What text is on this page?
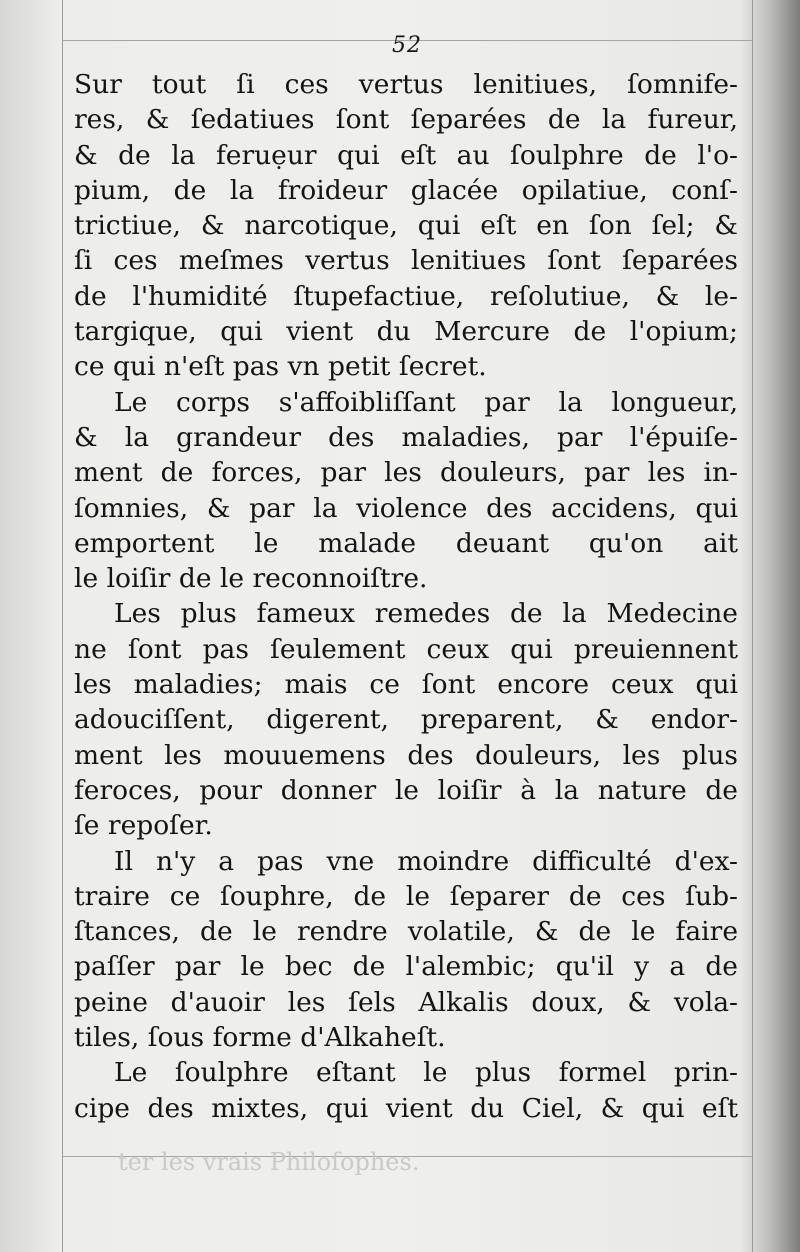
52
ter les vrais Philoſophes.
Sur tout ſi ces vertus lenitiues, ſomnife-
res, & ſedatiues ſont ſeparées de la fureur,
& de la feruẹur qui eſt au ſoulphre de l'o-
pium, de la froideur glacée opilatiue, conſ-
trictiue, & narcotique, qui eſt en ſon ſel; &
ſi ces meſmes vertus lenitiues ſont ſeparées
de l'humidité ſtupefactiue, reſolutiue, & le-
targique, qui vient du Mercure de l'opium;
ce qui n'eſt pas vn petit ſecret.
Le corps s'affoibliſſant par la longueur,
& la grandeur des maladies, par l'épuiſe-
ment de forces, par les douleurs, par les in-
ſomnies, & par la violence des accidens, qui
emportent le malade deuant qu'on ait
le loiſir de le reconnoiſtre.
Les plus fameux remedes de la Medecine
ne ſont pas ſeulement ceux qui preuiennent
les maladies; mais ce ſont encore ceux qui
adouciſſent, digerent, preparent, & endor-
ment les mouuemens des douleurs, les plus
feroces, pour donner le loiſir à la nature de
ſe repoſer.
Il n'y a pas vne moindre difficulté d'ex-
traire ce ſouphre, de le ſeparer de ces ſub-
ſtances, de le rendre volatile, & de le faire
paſſer par le bec de l'alembic; qu'il y a de
peine d'auoir les ſels Alkalis doux, & vola-
tiles, ſous forme d'Alkaheſt.
Le ſoulphre eſtant le plus formel prin-
cipe des mixtes, qui vient du Ciel, & qui eſt
